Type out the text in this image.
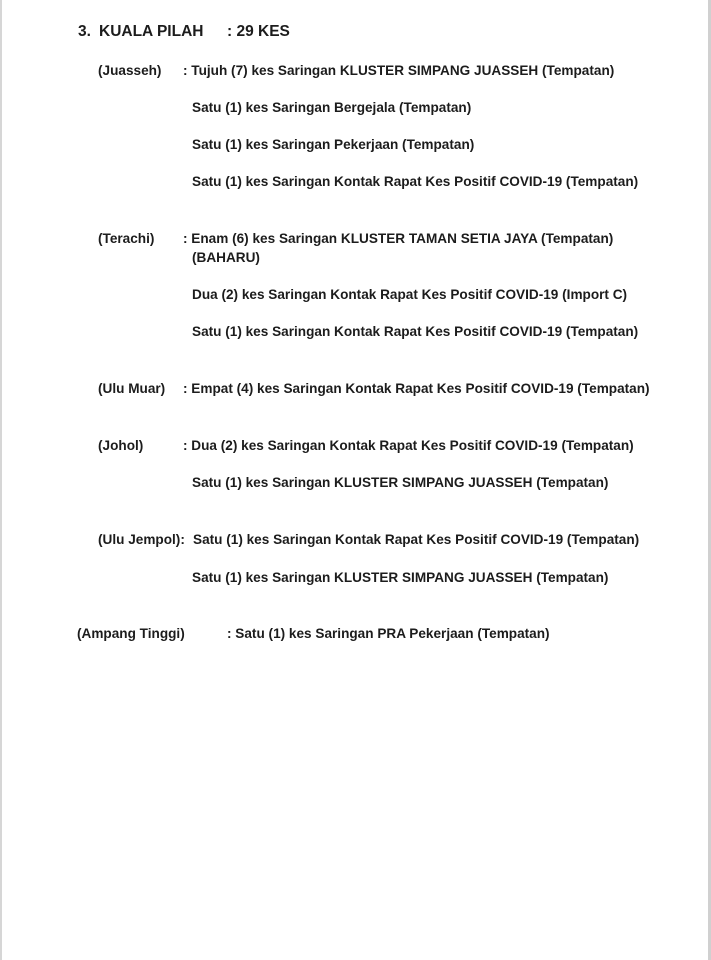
3. KUALA PILAH : 29 KES
(Juasseh) : Tujuh (7) kes Saringan KLUSTER SIMPANG JUASSEH (Tempatan)
Satu (1) kes Saringan Bergejala (Tempatan)
Satu (1) kes Saringan Pekerjaan (Tempatan)
Satu (1) kes Saringan Kontak Rapat Kes Positif COVID-19 (Tempatan)
(Terachi) : Enam (6) kes Saringan KLUSTER TAMAN SETIA JAYA (Tempatan)
(BAHARU)
Dua (2) kes Saringan Kontak Rapat Kes Positif COVID-19 (Import C)
Satu (1) kes Saringan Kontak Rapat Kes Positif COVID-19 (Tempatan)
(Ulu Muar) : Empat (4) kes Saringan Kontak Rapat Kes Positif COVID-19 (Tempatan)
(Johol)	: Dua (2) kes Saringan Kontak Rapat Kes Positif COVID-19 (Tempatan)
Satu (1) kes Saringan KLUSTER SIMPANG JUASSEH (Tempatan)
(Ulu Jempol): Satu (1) kes Saringan Kontak Rapat Kes Positif COVID-19 (Tempatan)
Satu (1) kes Saringan KLUSTER SIMPANG JUASSEH (Tempatan)
(Ampang Tinggi)	: Satu (1) kes Saringan PRA Pekerjaan (Tempatan)
